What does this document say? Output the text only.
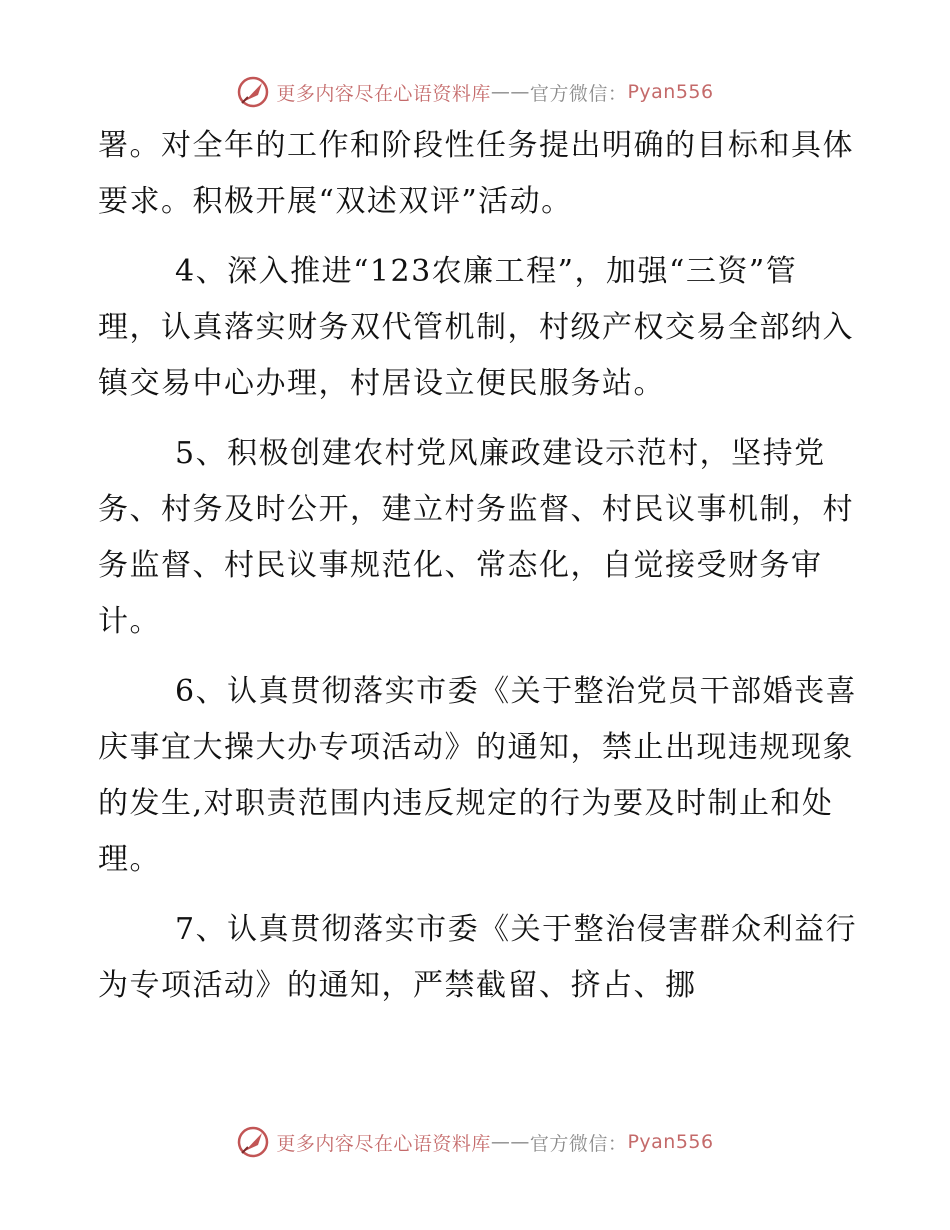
更多内容尽在心语资料库 —— 官方微信： Pyan556

署。对全年的工作和阶段性任务提出明确的目标和具体要求。积极开展“双述双评”活动。

4、深入推进“123农廉工程”，加强“三资”管理，认真落实财务双代管机制，村级产权交易全部纳入镇交易中心办理，村居设立便民服务站。

5、积极创建农村党风廉政建设示范村，坚持党务、村务及时公开，建立村务监督、村民议事机制，村务监督、村民议事规范化、常态化，自觉接受财务审计。

6、认真贯彻落实市委《关于整治党员干部婚丧喜庆事宜大操大办专项活动》的通知，禁止出现违规现象的发生,对职责范围内违反规定的行为要及时制止和处理。

7、认真贯彻落实市委《关于整治侵害群众利益行为专项活动》的通知，严禁截留、挤占、挪

更多内容尽在心语资料库 —— 官方微信： Pyan556
